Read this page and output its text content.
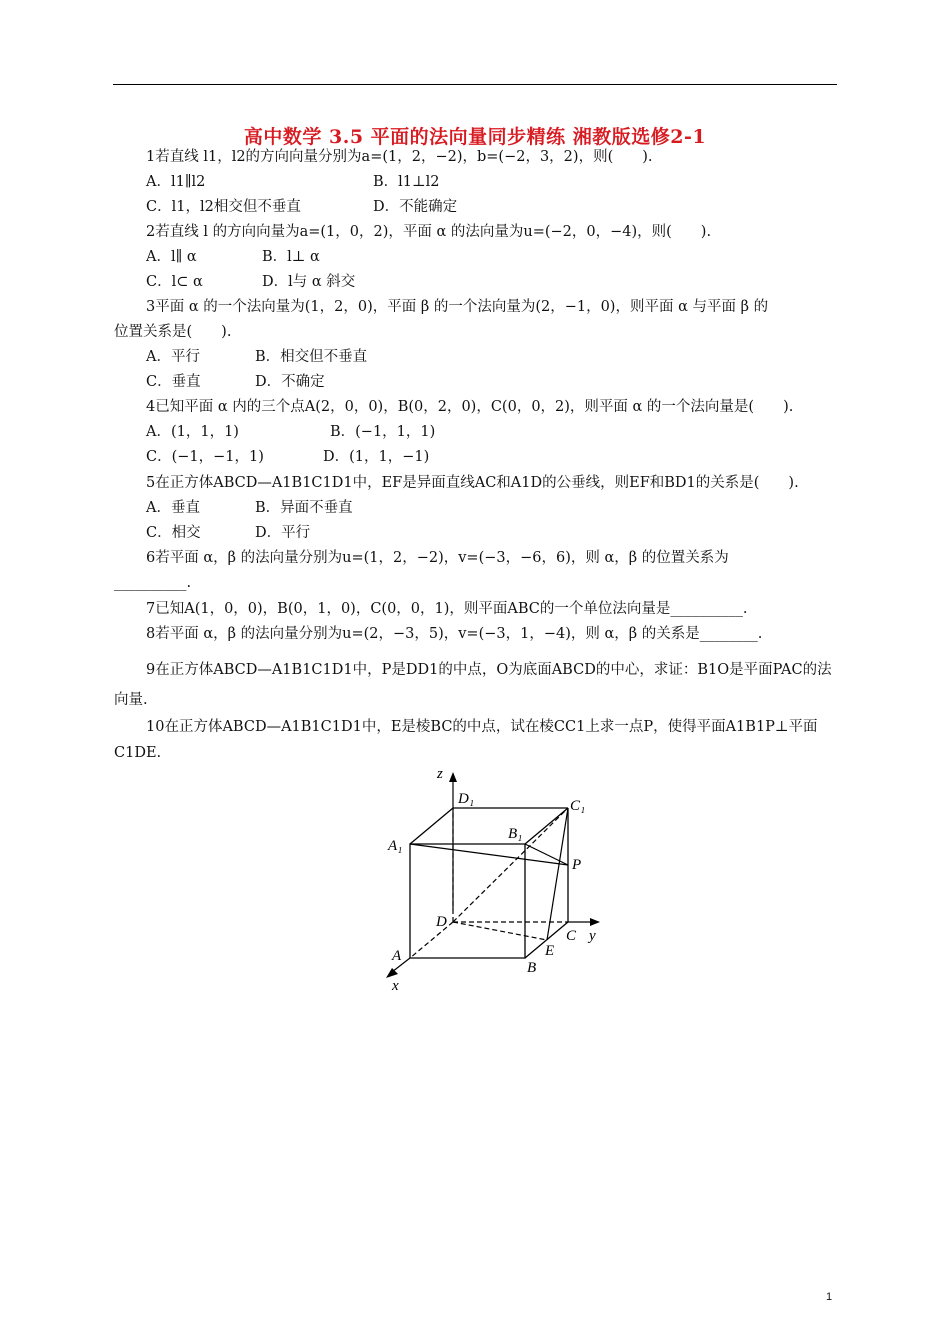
高中数学 3.5 平面的法向量同步精练 湘教版选修2-1
1若直线 l1，l2的方向向量分别为a=(1，2，−2)，b=(−2，3，2)，则(　　).
A．l1∥l2	B．l1⊥l2
C．l1，l2相交但不垂直	D．不能确定
2若直线 l 的方向向量为a=(1，0，2)，平面 α 的法向量为u=(−2，0，−4)，则(　　).
A．l∥ α	B．l⊥ α
C．l⊂ α	D．l与 α 斜交
3平面 α 的一个法向量为(1，2，0)，平面 β 的一个法向量为(2，−1，0)，则平面 α 与平面 β 的
位置关系是(　　).
A．平行	B．相交但不垂直
C．垂直	D．不确定
4已知平面 α 内的三个点A(2，0，0)，B(0，2，0)，C(0，0，2)，则平面 α 的一个法向量是(　　).
A．(1，1，1)	B．(−1，1，1)
C．(−1，−1，1)	D．(1，1，−1)
5在正方体ABCD—A1B1C1D1中，EF是异面直线AC和A1D的公垂线，则EF和BD1的关系是(　　).
A．垂直	B．异面不垂直
C．相交	D．平行
6若平面 α，β 的法向量分别为u=(1，2，−2)，v=(−3，−6，6)，则 α，β 的位置关系为
__________.
7已知A(1，0，0)，B(0，1，0)，C(0，0，1)，则平面ABC的一个单位法向量是__________.
8若平面 α，β 的法向量分别为u=(2，−3，5)，v=(−3，1，−4)，则 α，β 的关系是________.
9在正方体ABCD—A1B1C1D1中，P是DD1的中点，O为底面ABCD的中心，求证：B1O是平面PAC的法
向量.
10在正方体ABCD—A1B1C1D1中，E是棱BC的中点，试在棱CC1上求一点P，使得平面A1B1P⊥平面
C1DE.
z
y
x
D₁	C₁
B₁
A₁
P
D
C
E
A
B
1
